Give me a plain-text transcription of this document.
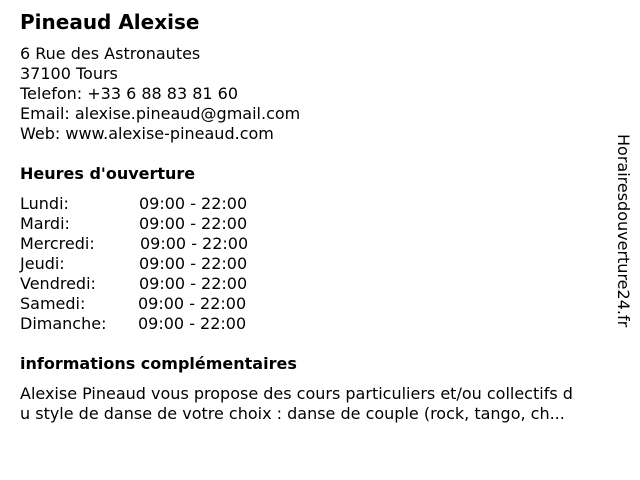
Pineaud Alexise
6 Rue des Astronautes
37100 Tours
Telefon: +33 6 88 83 81 60
Email: alexise.pineaud@gmail.com
Web: www.alexise-pineaud.com
Heures d'ouverture
Lundi:	09:00 - 22:00
Mardi:	09:00 - 22:00
Mercredi:	09:00 - 22:00
Jeudi:	09:00 - 22:00
Vendredi:	09:00 - 22:00
Samedi:	09:00 - 22:00
Dimanche: 09:00 - 22:00
informations complémentaires
Alexise Pineaud vous propose des cours particuliers et/ou collectifs d
u style de danse de votre choix : danse de couple (rock, tango, ch...
Horairesdouverture24.fr
